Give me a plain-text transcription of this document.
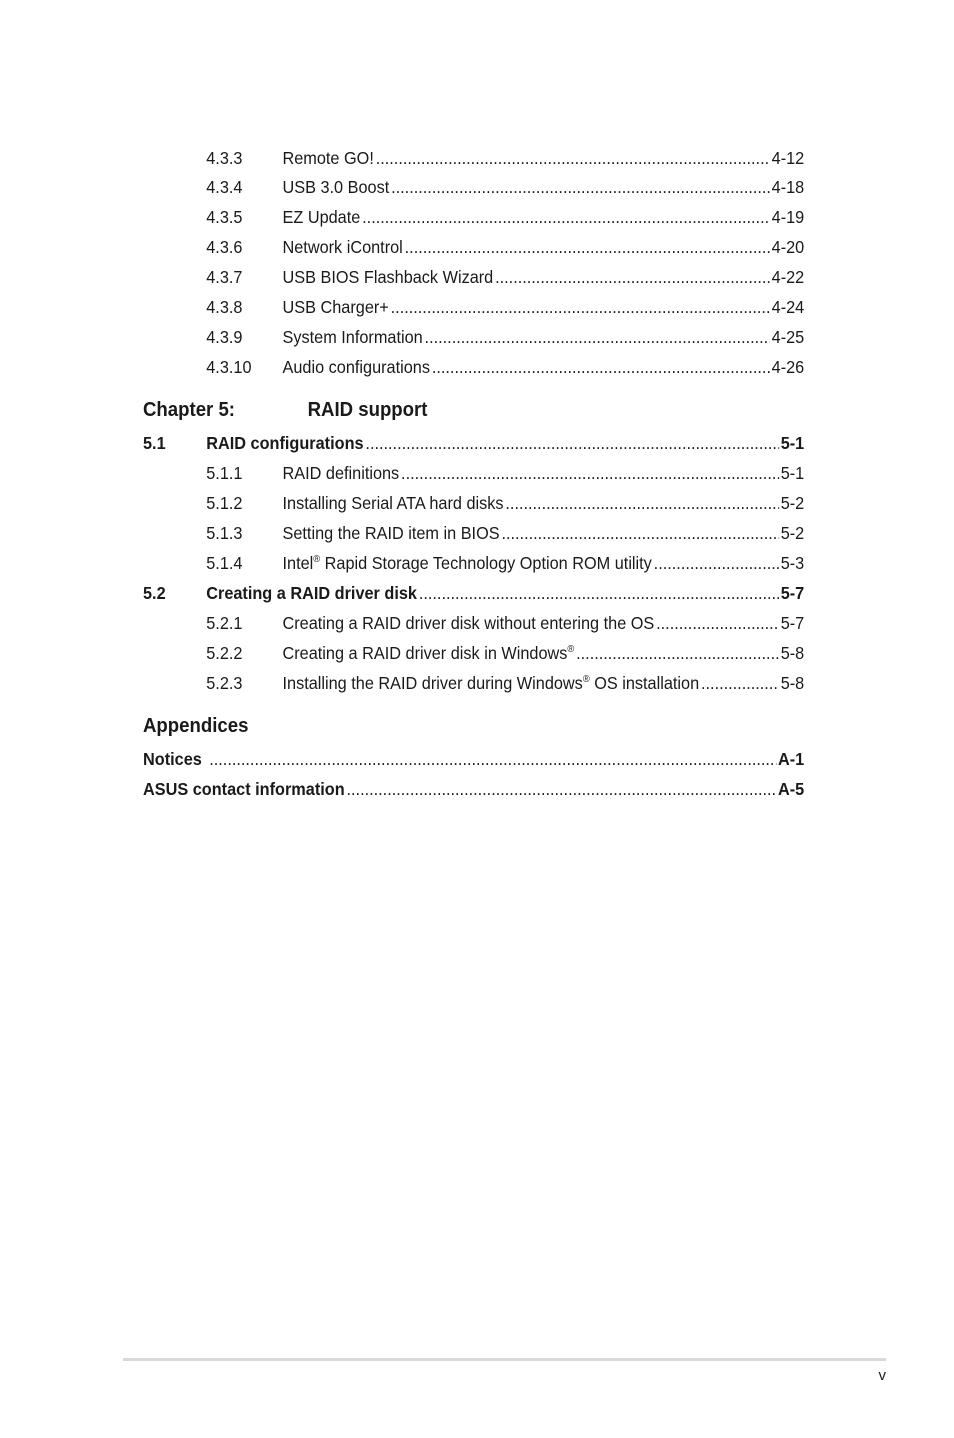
4.3.3	Remote GO! .....	4-12
4.3.4	USB 3.0 Boost .....	4-18
4.3.5	EZ Update .....	4-19
4.3.6	Network iControl .....	4-20
4.3.7	USB BIOS Flashback Wizard .....	4-22
4.3.8	USB Charger+ .....	4-24
4.3.9	System Information .....	4-25
4.3.10	Audio configurations .....	4-26
Chapter 5:	RAID support
5.1	RAID configurations .....	5-1
5.1.1	RAID definitions .....	5-1
5.1.2	Installing Serial ATA hard disks .....	5-2
5.1.3	Setting the RAID item in BIOS .....	5-2
5.1.4	Intel® Rapid Storage Technology Option ROM utility .....	5-3
5.2	Creating a RAID driver disk .....	5-7
5.2.1	Creating a RAID driver disk without entering the OS .....	5-7
5.2.2	Creating a RAID driver disk in Windows® .....	5-8
5.2.3	Installing the RAID driver during Windows® OS installation .....	5-8
Appendices
Notices .....	A-1
ASUS contact information .....	A-5
v
